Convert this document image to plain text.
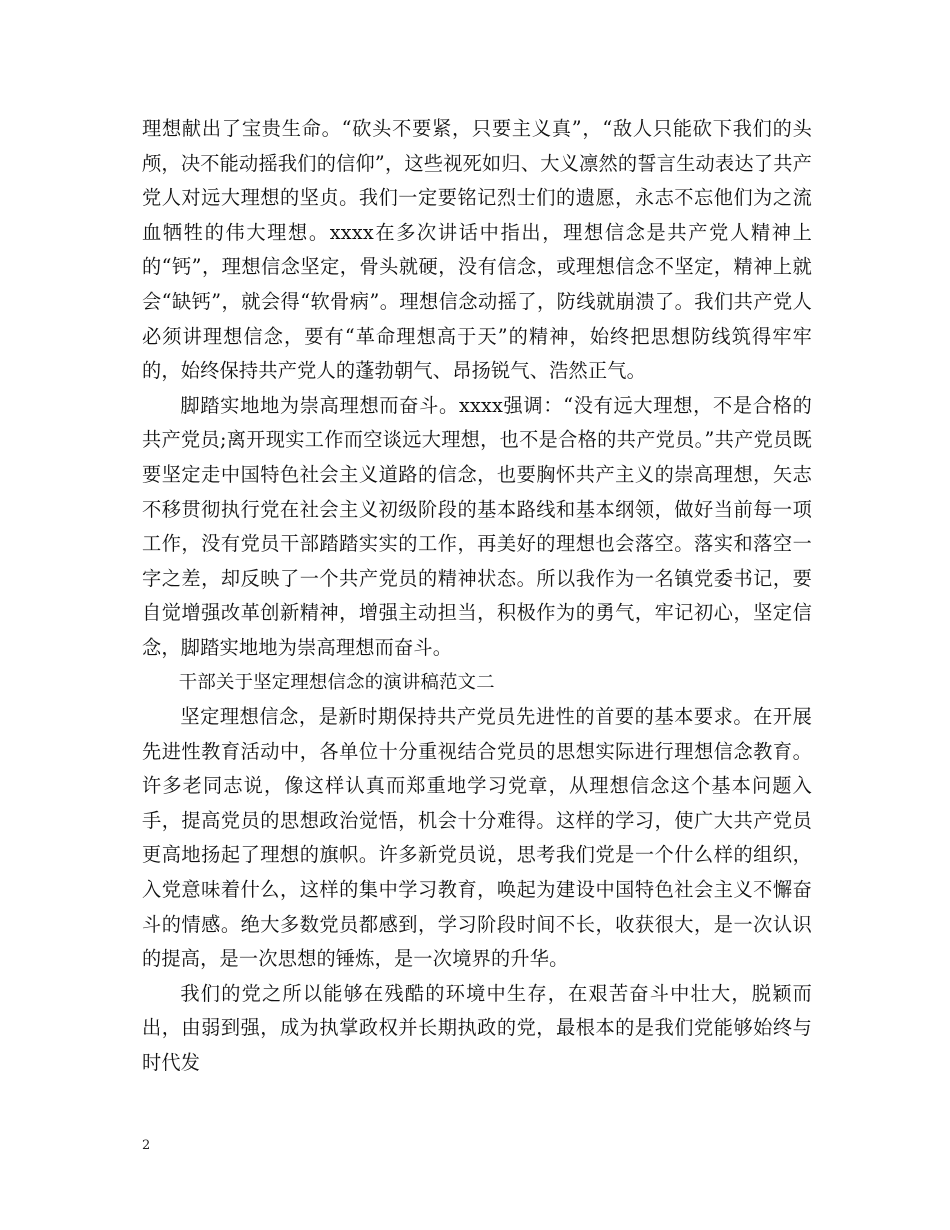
理想献出了宝贵生命。“砍头不要紧，只要主义真”，“敌人只能砍下我们的头颅，决不能动摇我们的信仰”，这些视死如归、大义凛然的誓言生动表达了共产党人对远大理想的坚贞。我们一定要铭记烈士们的遗愿，永志不忘他们为之流血牺牲的伟大理想。xxxx在多次讲话中指出，理想信念是共产党人精神上的“钙”，理想信念坚定，骨头就硬，没有信念，或理想信念不坚定，精神上就会“缺钙”，就会得“软骨病”。理想信念动摇了，防线就崩溃了。我们共产党人必须讲理想信念，要有“革命理想高于天”的精神，始终把思想防线筑得牢牢的，始终保持共产党人的蓬勃朝气、昂扬锐气、浩然正气。

脚踏实地地为崇高理想而奋斗。xxxx强调：“没有远大理想，不是合格的共产党员;离开现实工作而空谈远大理想，也不是合格的共产党员。”共产党员既要坚定走中国特色社会主义道路的信念，也要胸怀共产主义的崇高理想，矢志不移贯彻执行党在社会主义初级阶段的基本路线和基本纲领，做好当前每一项工作，没有党员干部踏踏实实的工作，再美好的理想也会落空。落实和落空一字之差，却反映了一个共产党员的精神状态。所以我作为一名镇党委书记，要自觉增强改革创新精神，增强主动担当，积极作为的勇气，牢记初心，坚定信念，脚踏实地地为崇高理想而奋斗。

干部关于坚定理想信念的演讲稿范文二

坚定理想信念，是新时期保持共产党员先进性的首要的基本要求。在开展先进性教育活动中，各单位十分重视结合党员的思想实际进行理想信念教育。许多老同志说，像这样认真而郑重地学习党章，从理想信念这个基本问题入手，提高党员的思想政治觉悟，机会十分难得。这样的学习，使广大共产党员更高地扬起了理想的旗帜。许多新党员说，思考我们党是一个什么样的组织，入党意味着什么，这样的集中学习教育，唤起为建设中国特色社会主义不懈奋斗的情感。绝大多数党员都感到，学习阶段时间不长，收获很大，是一次认识的提高，是一次思想的锤炼，是一次境界的升华。

我们的党之所以能够在残酷的环境中生存，在艰苦奋斗中壮大，脱颖而出，由弱到强，成为执掌政权并长期执政的党，最根本的是我们党能够始终与时代发

2
